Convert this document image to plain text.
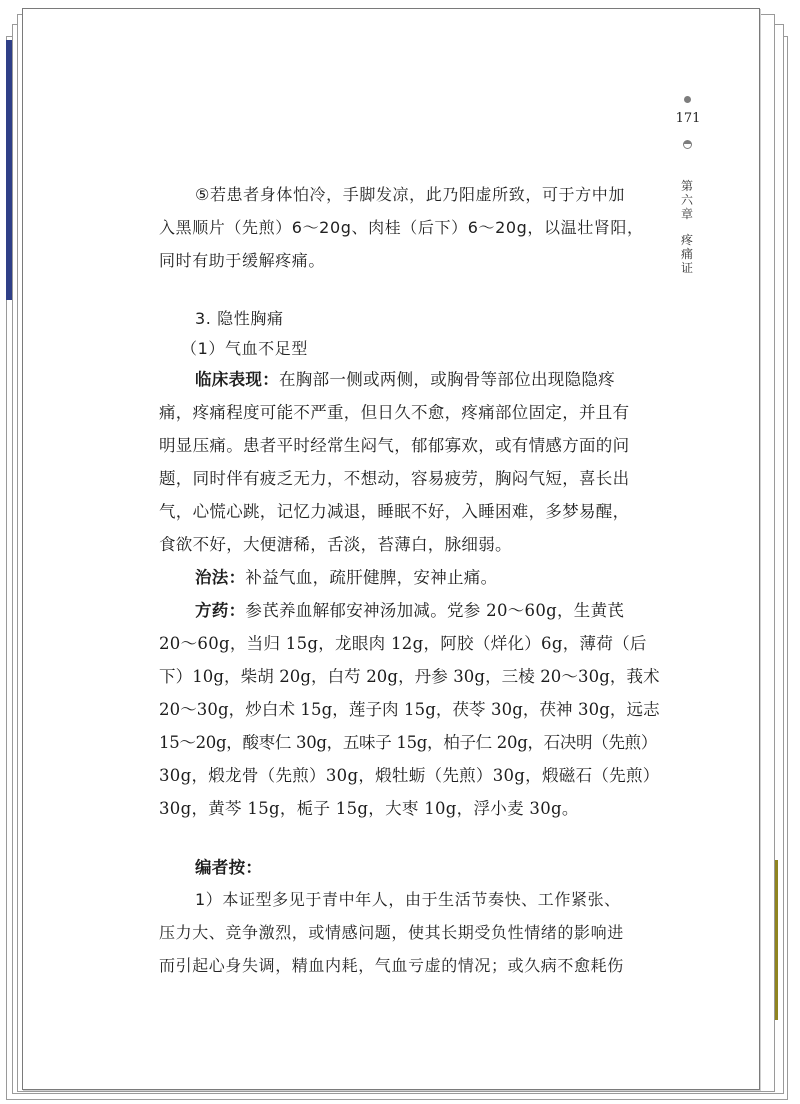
171
第六章
疼痛证

⑤若患者身体怕冷，手脚发凉，此乃阳虚所致，可于方中加

入黑顺片（先煎）6～20g、肉桂（后下）6～20g，以温壮肾阳，

同时有助于缓解疼痛。

3. 隐性胸痛

（1）气血不足型

临床表现：在胸部一侧或两侧，或胸骨等部位出现隐隐疼

痛，疼痛程度可能不严重，但日久不愈，疼痛部位固定，并且有

明显压痛。患者平时经常生闷气，郁郁寡欢，或有情感方面的问

题，同时伴有疲乏无力，不想动，容易疲劳，胸闷气短，喜长出

气，心慌心跳，记忆力减退，睡眠不好，入睡困难，多梦易醒，

食欲不好，大便溏稀，舌淡，苔薄白，脉细弱。

治法：补益气血，疏肝健脾，安神止痛。

方药：参芪养血解郁安神汤加减。党参 20～60g，生黄芪

20～60g，当归 15g，龙眼肉 12g，阿胶（烊化）6g，薄荷（后

下）10g，柴胡 20g，白芍 20g，丹参 30g，三棱 20～30g，莪术

20～30g，炒白术 15g，莲子肉 15g，茯苓 30g，茯神 30g，远志

15～20g，酸枣仁 30g，五味子 15g，柏子仁 20g，石决明（先煎）

30g，煅龙骨（先煎）30g，煅牡蛎（先煎）30g，煅磁石（先煎）

30g，黄芩 15g，栀子 15g，大枣 10g，浮小麦 30g。

编者按：

1）本证型多见于青中年人，由于生活节奏快、工作紧张、

压力大、竞争激烈，或情感问题，使其长期受负性情绪的影响进

而引起心身失调，精血内耗，气血亏虚的情况；或久病不愈耗伤
